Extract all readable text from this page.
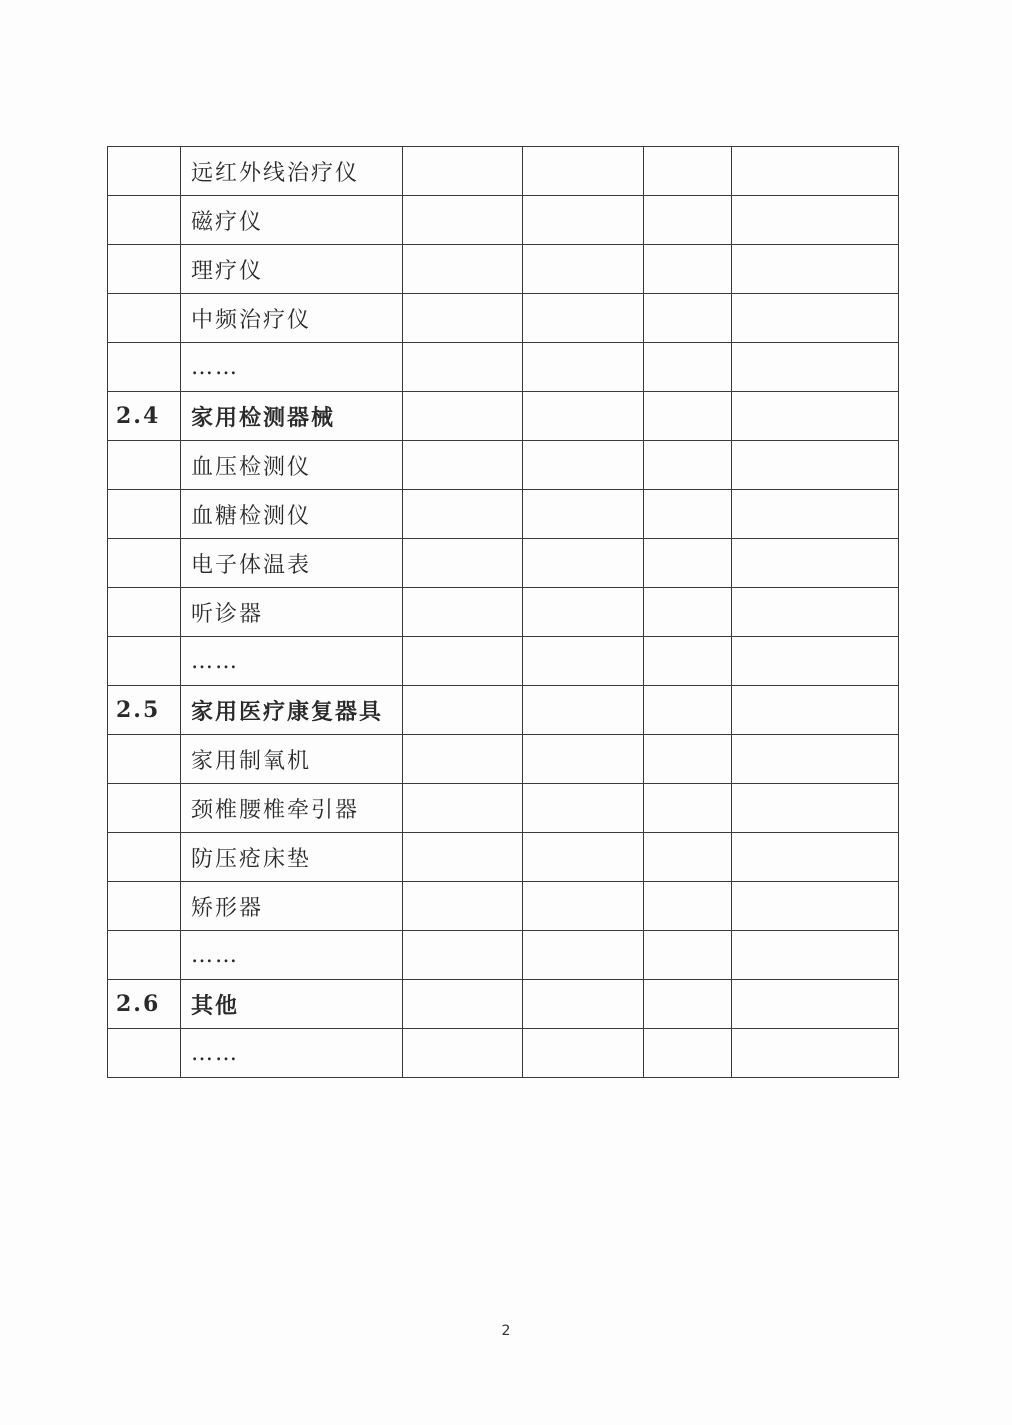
	远红外线治疗仪				
	磁疗仪				
	理疗仪				
	中频治疗仪				
	……				
2.4	家用检测器械				
	血压检测仪				
	血糖检测仪				
	电子体温表				
	听诊器				
	……				
2.5	家用医疗康复器具				
	家用制氧机				
	颈椎腰椎牵引器				
	防压疮床垫				
	矫形器				
	……				
2.6	其他				
	……				
2
